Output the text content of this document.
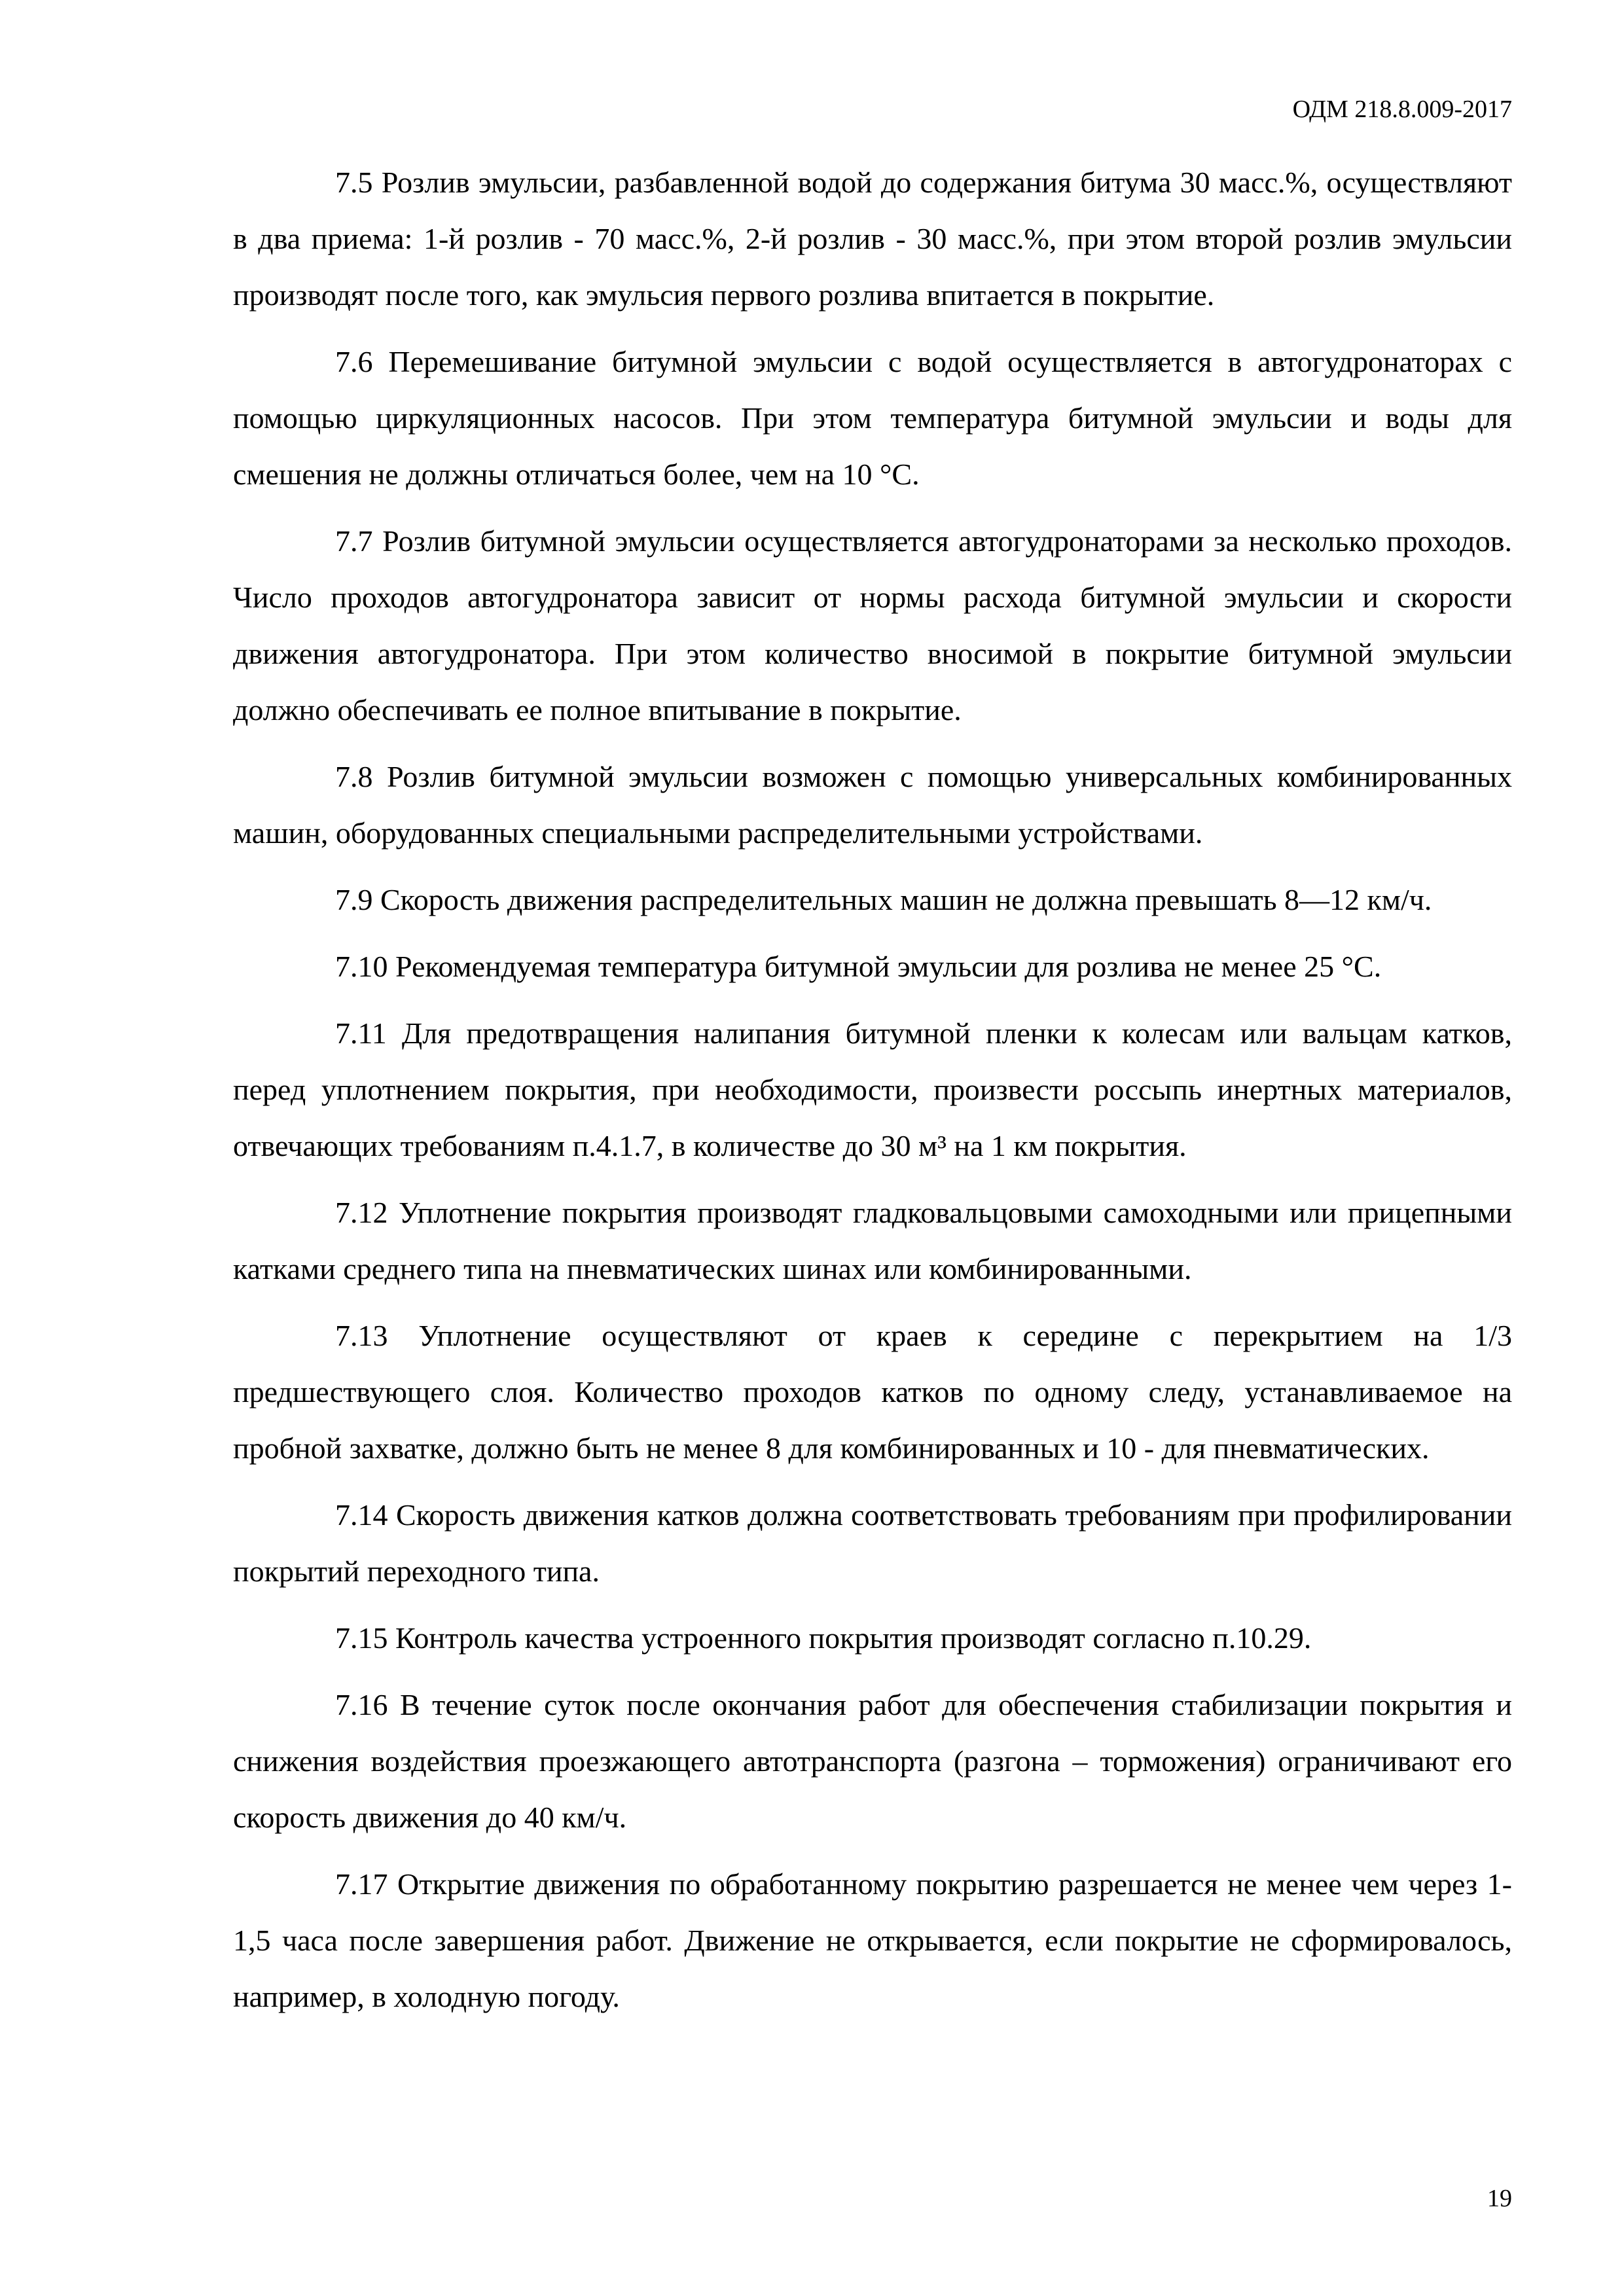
ОДМ 218.8.009-2017

7.5 Розлив эмульсии, разбавленной водой до содержания битума 30 масс.%, осуществляют в два приема: 1-й розлив - 70 масс.%, 2-й розлив - 30 масс.%, при этом второй розлив эмульсии производят после того, как эмульсия первого розлива впитается в покрытие.

7.6 Перемешивание битумной эмульсии с водой осуществляется в автогудронаторах с помощью циркуляционных насосов. При этом температура битумной эмульсии и воды для смешения не должны отличаться более, чем на 10 °С.

7.7 Розлив битумной эмульсии осуществляется автогудронаторами за несколько проходов. Число проходов автогудронатора зависит от нормы расхода битумной эмульсии и скорости движения автогудронатора. При этом количество вносимой в покрытие битумной эмульсии должно обеспечивать ее полное впитывание в покрытие.

7.8 Розлив битумной эмульсии возможен с помощью универсальных комбинированных машин, оборудованных специальными распределительными устройствами.

7.9 Скорость движения распределительных машин не должна превышать 8—12 км/ч.

7.10 Рекомендуемая температура битумной эмульсии для розлива не менее 25 °С.

7.11 Для предотвращения налипания битумной пленки к колесам или вальцам катков, перед уплотнением покрытия, при необходимости, произвести россыпь инертных материалов, отвечающих требованиям п.4.1.7, в количестве до 30 м³ на 1 км покрытия.

7.12 Уплотнение покрытия производят гладковальцовыми самоходными или прицепными катками среднего типа на пневматических шинах или комбинированными.

7.13 Уплотнение осуществляют от краев к середине с перекрытием на 1/3 предшествующего слоя. Количество проходов катков по одному следу, устанавливаемое на пробной захватке, должно быть не менее 8 для комбинированных и 10 - для пневматических.

7.14 Скорость движения катков должна соответствовать требованиям при профилировании покрытий переходного типа.

7.15 Контроль качества устроенного покрытия производят согласно п.10.29.

7.16 В течение суток после окончания работ для обеспечения стабилизации покрытия и снижения воздействия проезжающего автотранспорта (разгона – торможения) ограничивают его скорость движения до 40 км/ч.

7.17 Открытие движения по обработанному покрытию разрешается не менее чем через 1-1,5 часа после завершения работ. Движение не открывается, если покрытие не сформировалось, например, в холодную погоду.

19
